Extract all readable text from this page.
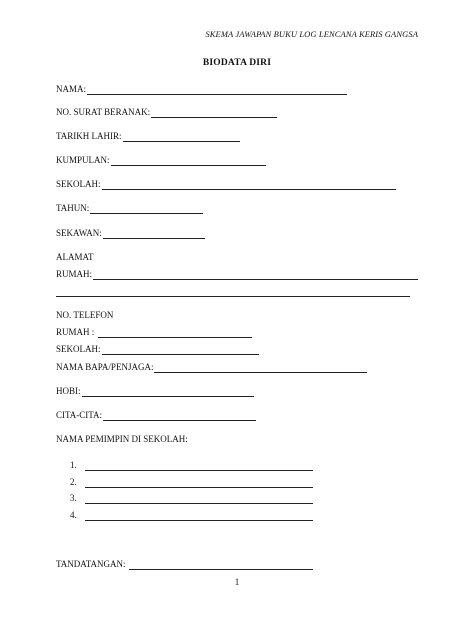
SKEMA JAWAPAN BUKU LOG LENCANA KERIS GANGSA
BIODATA DIRI
NAMA:
NO. SURAT BERANAK:
TARIKH LAHIR:
KUMPULAN:
SEKOLAH:
TAHUN:
SEKAWAN:
ALAMAT
RUMAH:
NO. TELEFON
RUMAH :
SEKOLAH:
NAMA BAPA/PENJAGA:
HOBI:
CITA-CITA:
NAMA PEMIMPIN DI SEKOLAH:
1.
2.
3.
4.
TANDATANGAN:
1
